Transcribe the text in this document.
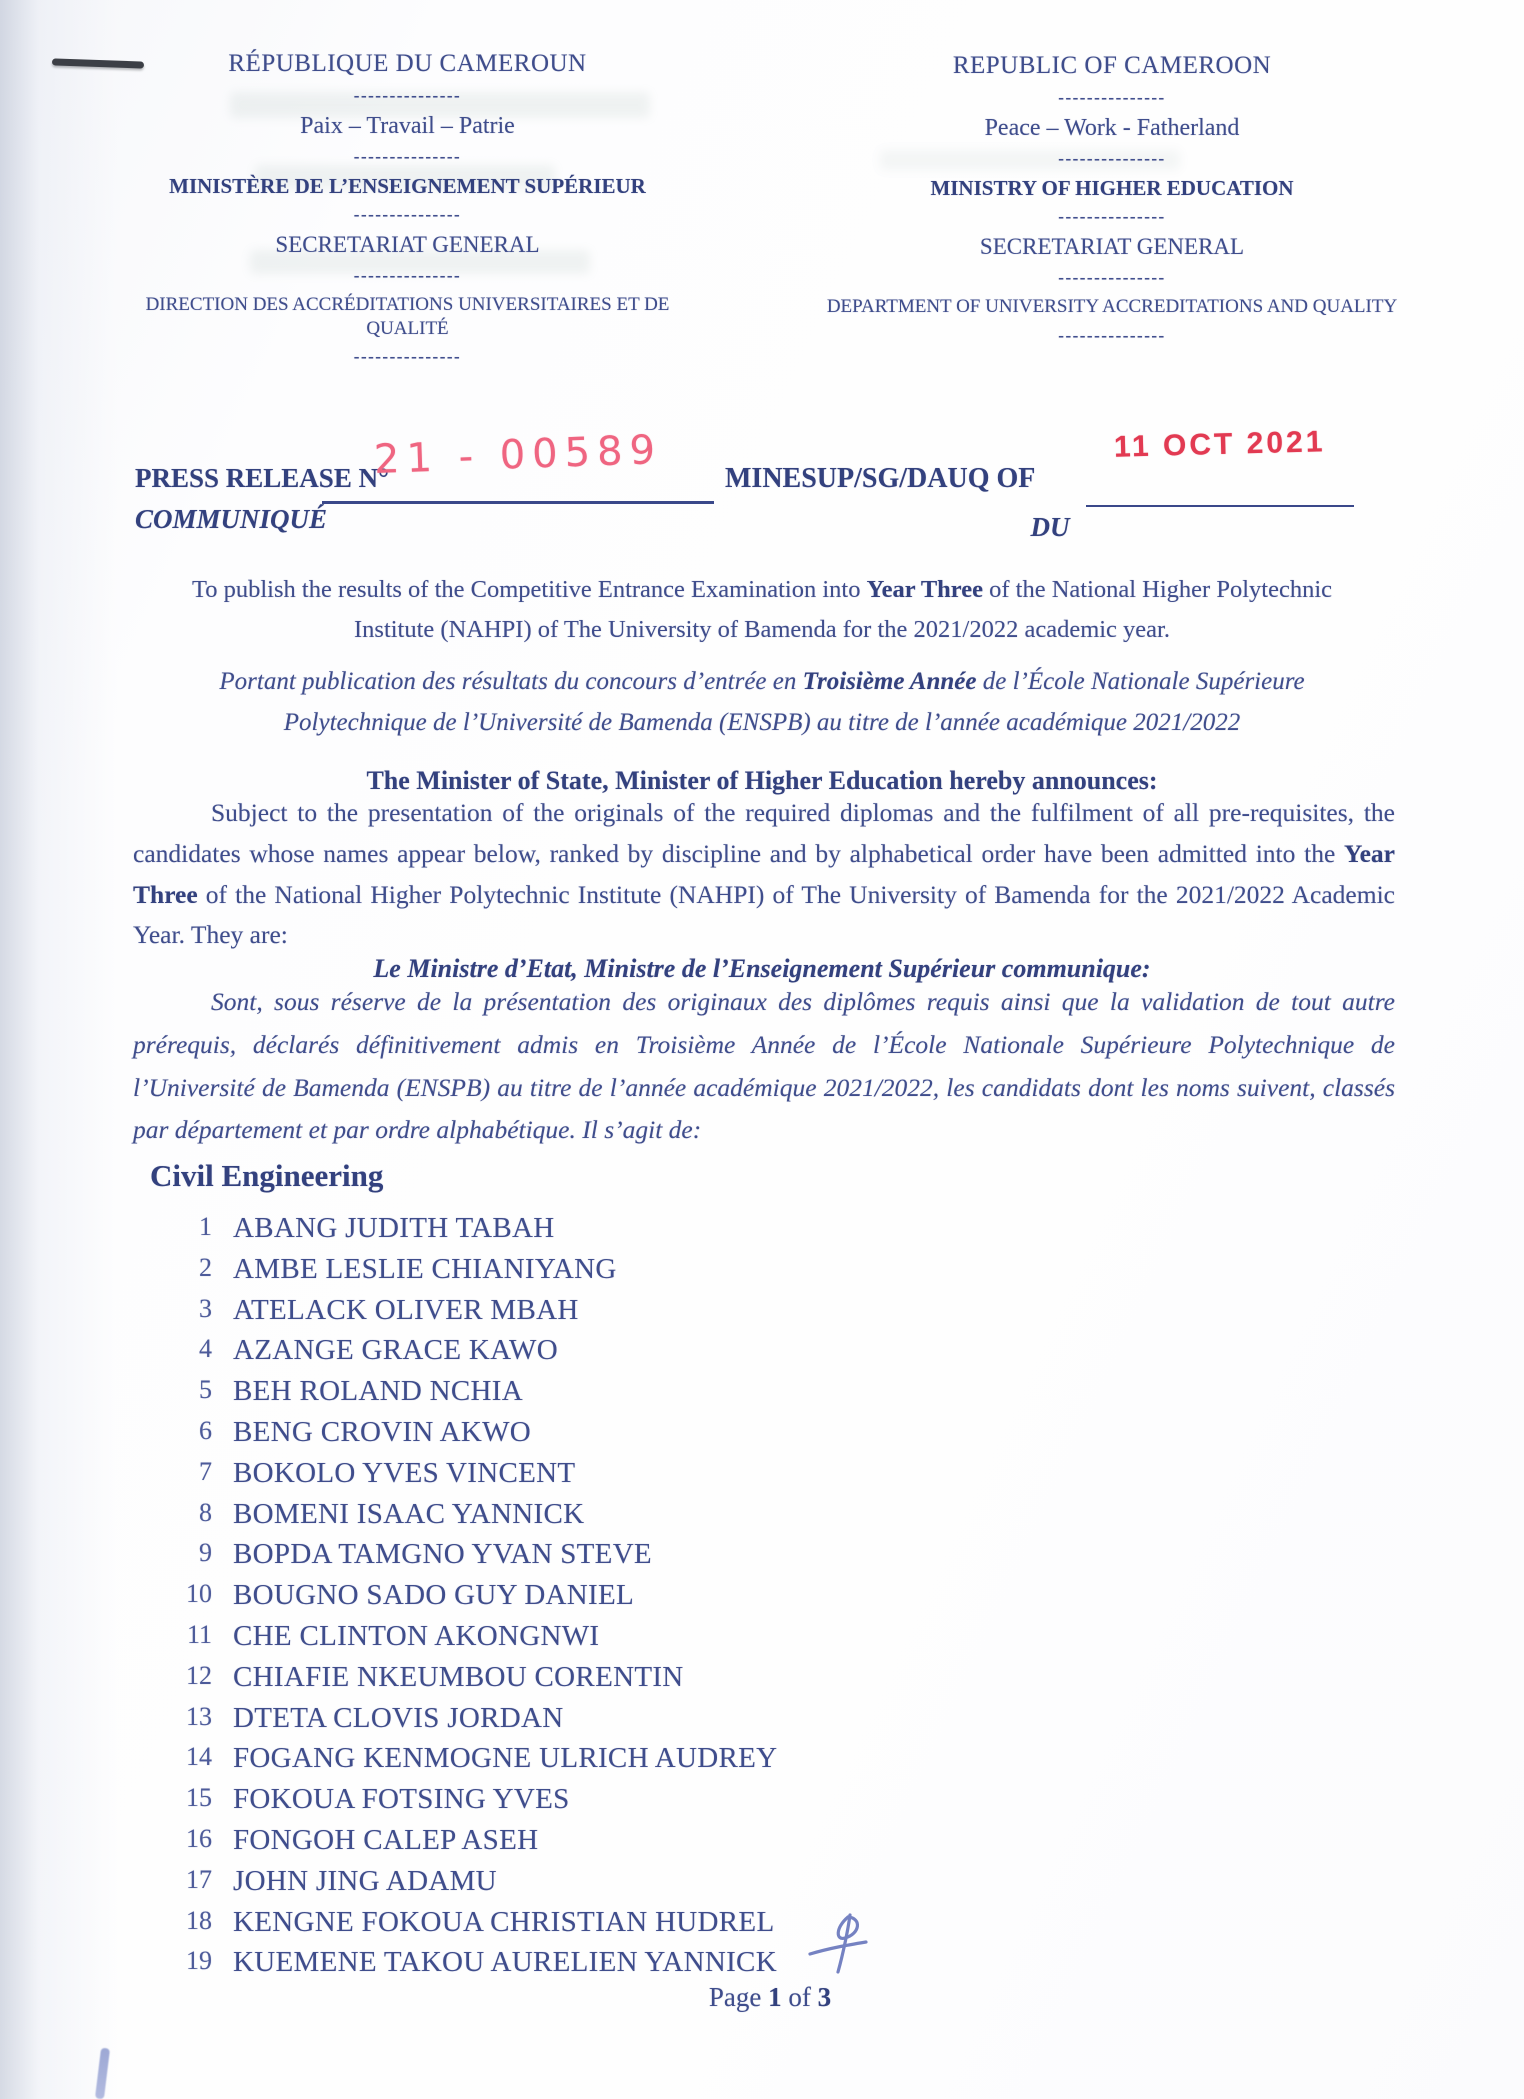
RÉPUBLIQUE DU CAMEROUN
---------------
Paix – Travail – Patrie
---------------
MINISTÈRE DE L’ENSEIGNEMENT SUPÉRIEUR
---------------
SECRETARIAT GENERAL
---------------
DIRECTION DES ACCRÉDITATIONS UNIVERSITAIRES ET DE QUALITÉ
---------------
REPUBLIC OF CAMEROON
---------------
Peace – Work - Fatherland
---------------
MINISTRY OF HIGHER EDUCATION
---------------
SECRETARIAT GENERAL
---------------
DEPARTMENT OF UNIVERSITY ACCREDITATIONS AND QUALITY
---------------
PRESS RELEASE N°
COMMUNIQUÉ
21 - 00589	MINESUP/SG/DAUQ OF
DU
11 OCT 2021
To publish the results of the Competitive Entrance Examination into Year Three of the National Higher Polytechnic Institute (NAHPI) of The University of Bamenda for the 2021/2022 academic year.
Portant publication des résultats du concours d’entrée en Troisième Année de l’École Nationale Supérieure Polytechnique de l’Université de Bamenda (ENSPB) au titre de l’année académique 2021/2022
The Minister of State, Minister of Higher Education hereby announces:
Subject to the presentation of the originals of the required diplomas and the fulfilment of all pre-requisites, the candidates whose names appear below, ranked by discipline and by alphabetical order have been admitted into the Year Three of the National Higher Polytechnic Institute (NAHPI) of The University of Bamenda for the 2021/2022 Academic Year. They are:
Le Ministre d’Etat, Ministre de l’Enseignement Supérieur communique:
Sont, sous réserve de la présentation des originaux des diplômes requis ainsi que la validation de tout autre prérequis, déclarés définitivement admis en Troisième Année de l’École Nationale Supérieure Polytechnique de l’Université de Bamenda (ENSPB) au titre de l’année académique 2021/2022, les candidats dont les noms suivent, classés par département et par ordre alphabétique. Il s’agit de:
Civil Engineering
1 ABANG JUDITH TABAH
2 AMBE LESLIE CHIANIYANG
3 ATELACK OLIVER MBAH
4 AZANGE GRACE KAWO
5 BEH ROLAND NCHIA
6 BENG CROVIN AKWO
7 BOKOLO YVES VINCENT
8 BOMENI ISAAC YANNICK
9 BOPDA TAMGNO YVAN STEVE
10 BOUGNO SADO GUY DANIEL
11 CHE CLINTON AKONGNWI
12 CHIAFIE NKEUMBOU CORENTIN
13 DTETA CLOVIS JORDAN
14 FOGANG KENMOGNE ULRICH AUDREY
15 FOKOUA FOTSING YVES
16 FONGOH CALEP ASEH
17 JOHN JING ADAMU
18 KENGNE FOKOUA CHRISTIAN HUDREL
19 KUEMENE TAKOU AURELIEN YANNICK
Page 1 of 3
